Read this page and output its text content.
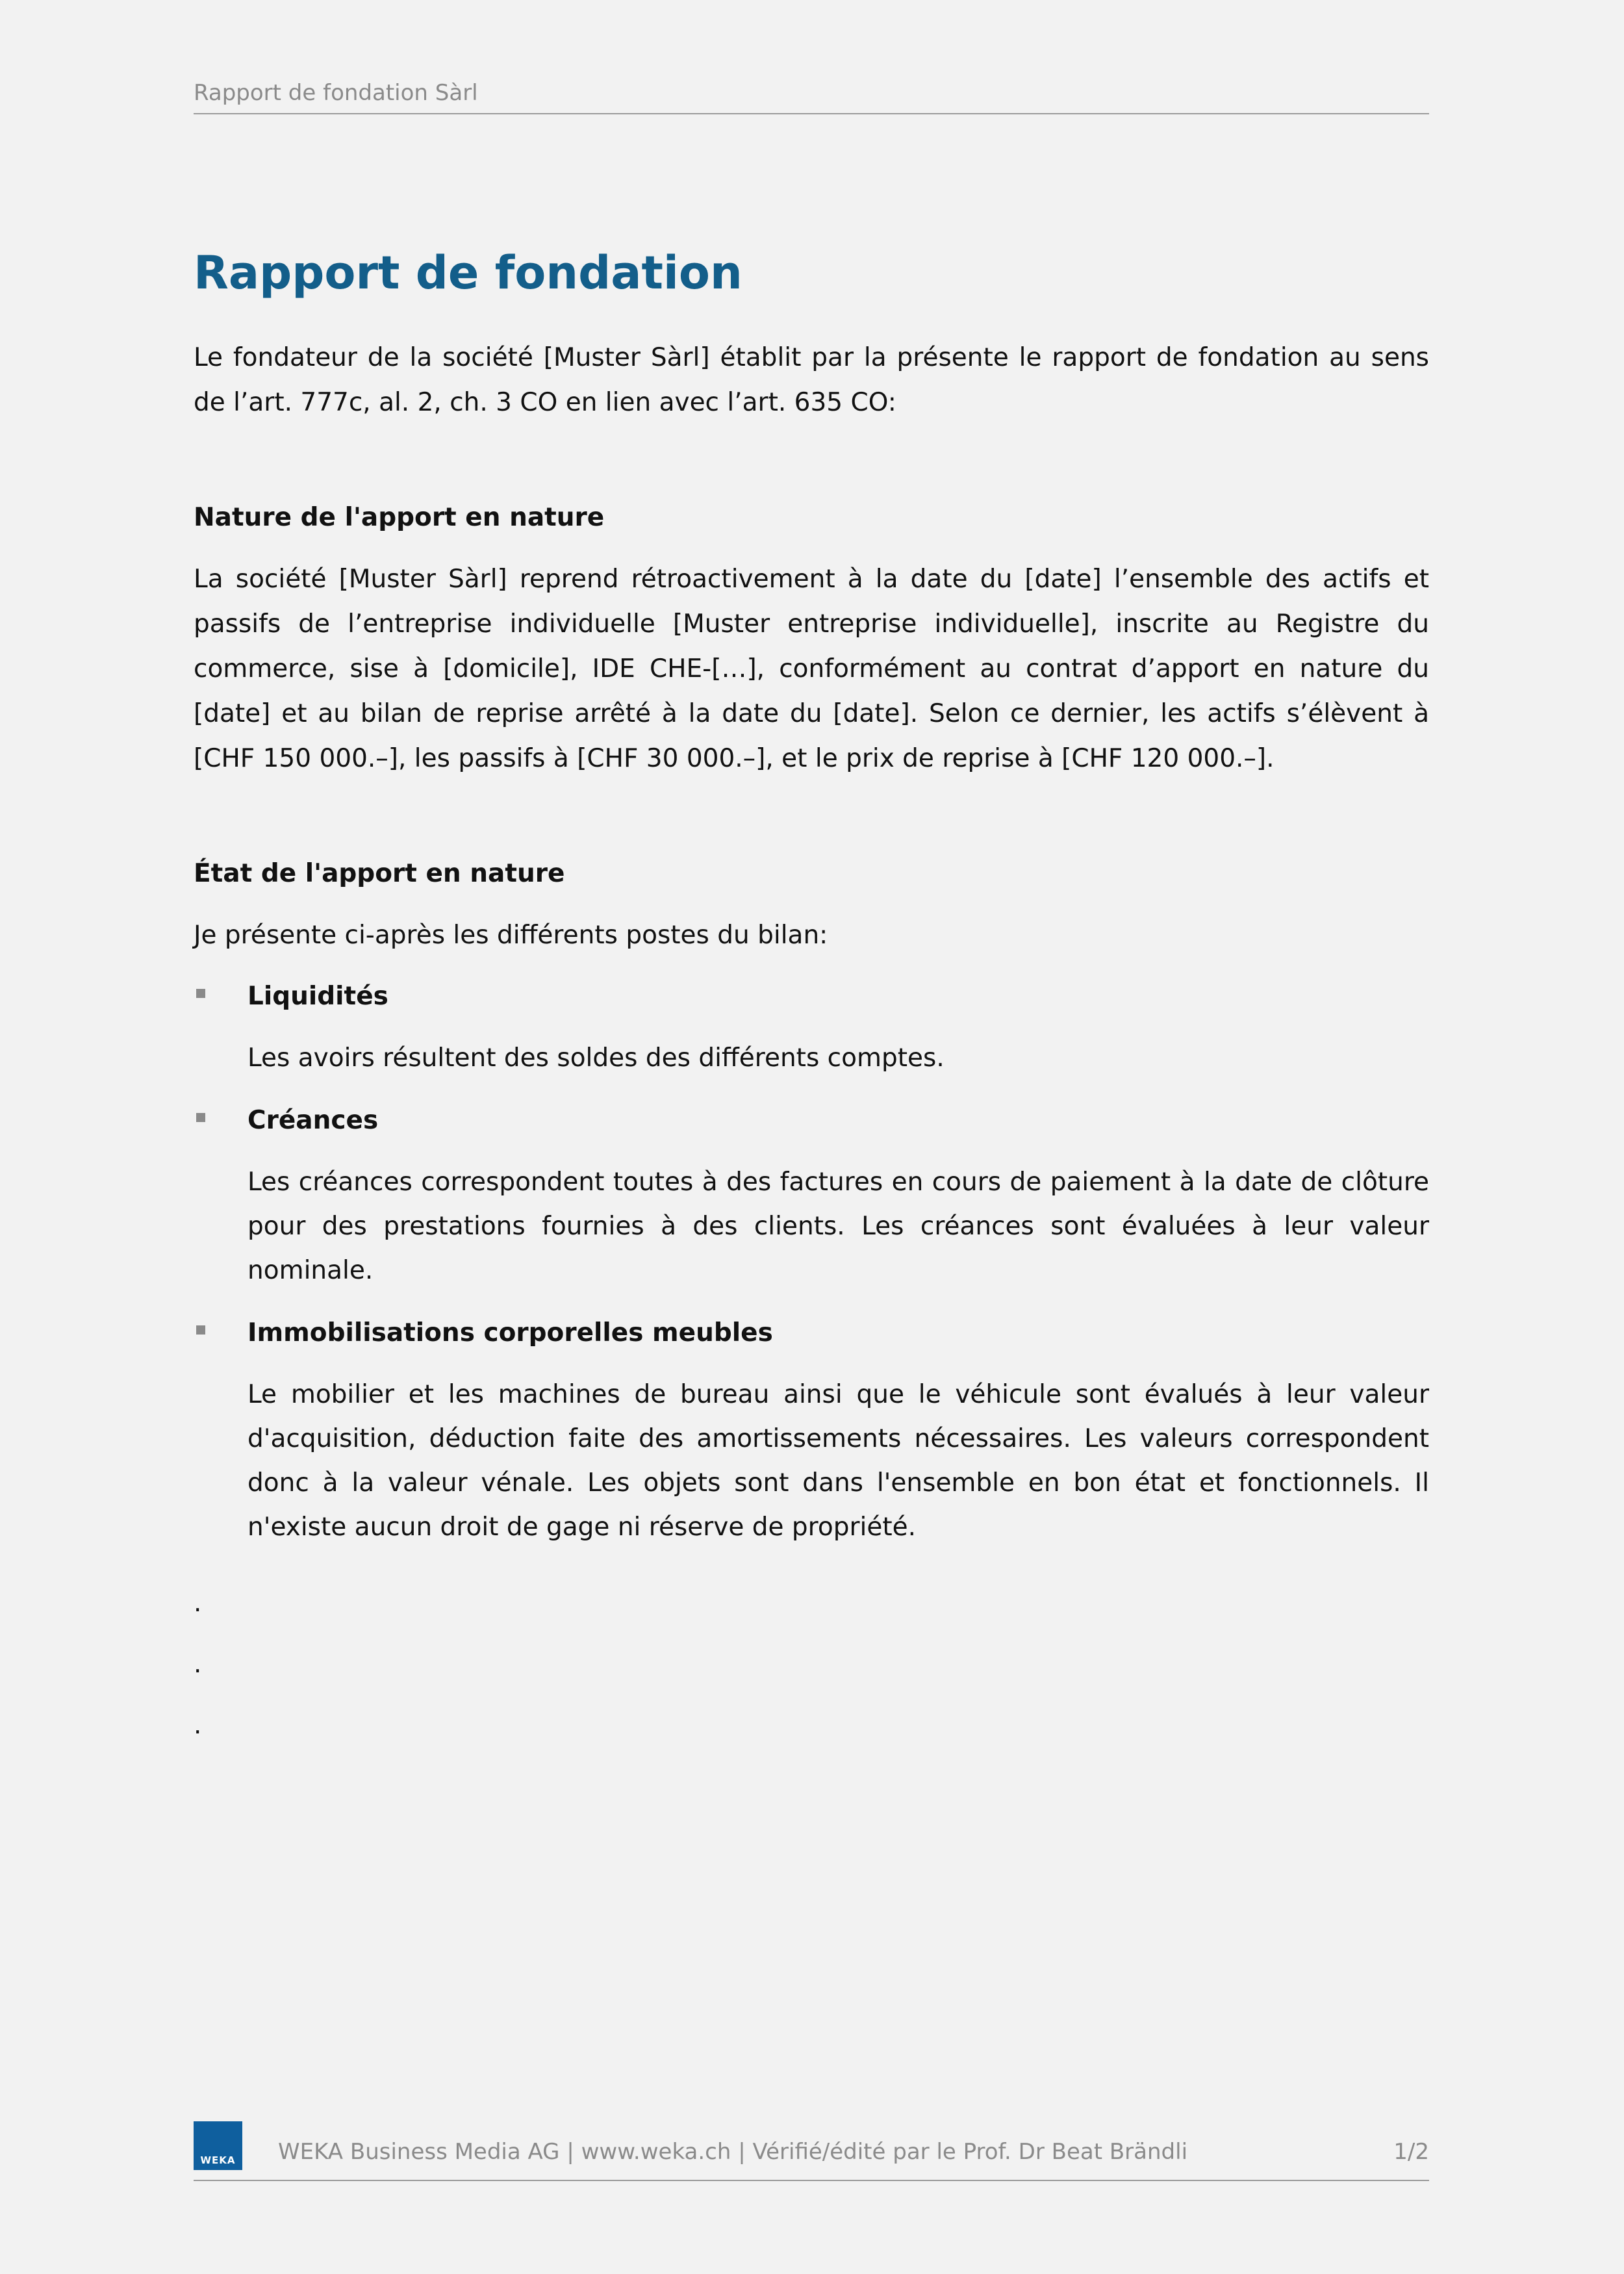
Rapport de fondation Sàrl
Rapport de fondation

Le fondateur de la société [Muster Sàrl] établit par la présente le rapport de fondation au sens de l’art. 777c, al. 2, ch. 3 CO en lien avec l’art. 635 CO:

Nature de l'apport en nature

La société [Muster Sàrl] reprend rétroactivement à la date du [date] l’ensemble des actifs et passifs de l’entreprise individuelle [Muster entreprise individuelle], inscrite au Registre du commerce, sise à [domicile], IDE CHE-[…], conformément au contrat d’apport en nature du [date] et au bilan de reprise arrêté à la date du [date]. Selon ce dernier, les actifs s’élèvent à [CHF 150 000.–], les passifs à [CHF 30 000.–], et le prix de reprise à [CHF 120 000.–].

État de l'apport en nature

Je présente ci-après les différents postes du bilan:

Liquidités
Les avoirs résultent des soldes des différents comptes.
Créances
Les créances correspondent toutes à des factures en cours de paiement à la date de clôture pour des prestations fournies à des clients. Les créances sont évaluées à leur valeur nominale.
Immobilisations corporelles meubles
Le mobilier et les machines de bureau ainsi que le véhicule sont évalués à leur valeur d'acquisition, déduction faite des amortissements nécessaires. Les valeurs correspondent donc à la valeur vénale. Les objets sont dans l'ensemble en bon état et fonctionnels. Il n'existe aucun droit de gage ni réserve de propriété.
.
.
.
WEKA	WEKA Business Media AG | www.weka.ch | Vérifié/édité par le Prof. Dr Beat Brändli	1/2
